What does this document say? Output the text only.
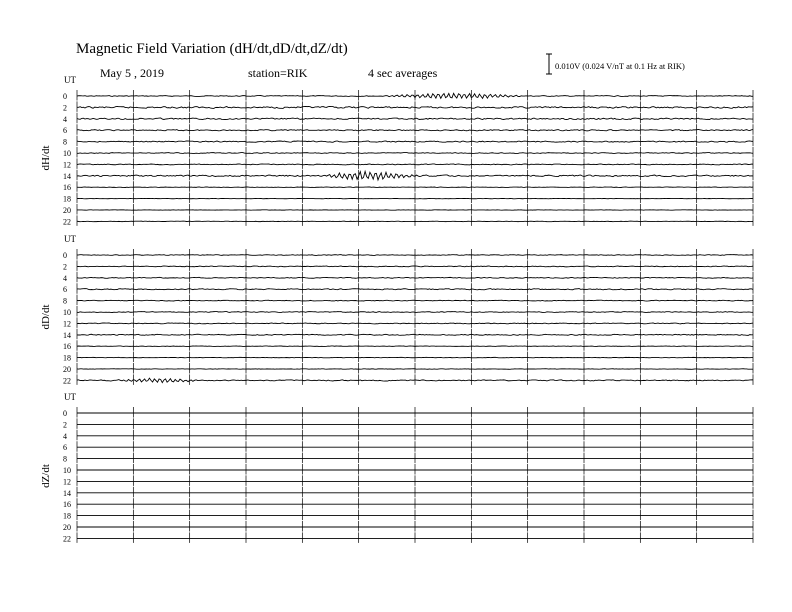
Magnetic Field Variation (dH/dt,dD/dt,dZ/dt)
May 5 , 2019	station=RIK	4 sec averages	0.010V (0.024 V/nT at 0.1 Hz at RIK)
UT
dH/dt
0
2
4
6
8
10
12
14
16
18
20
22
UT
dD/dt
0
2
4
6
8
10
12
14
16
18
20
22
UT
dZ/dt
0
2
4
6
8
10
12
14
16
18
20
22
